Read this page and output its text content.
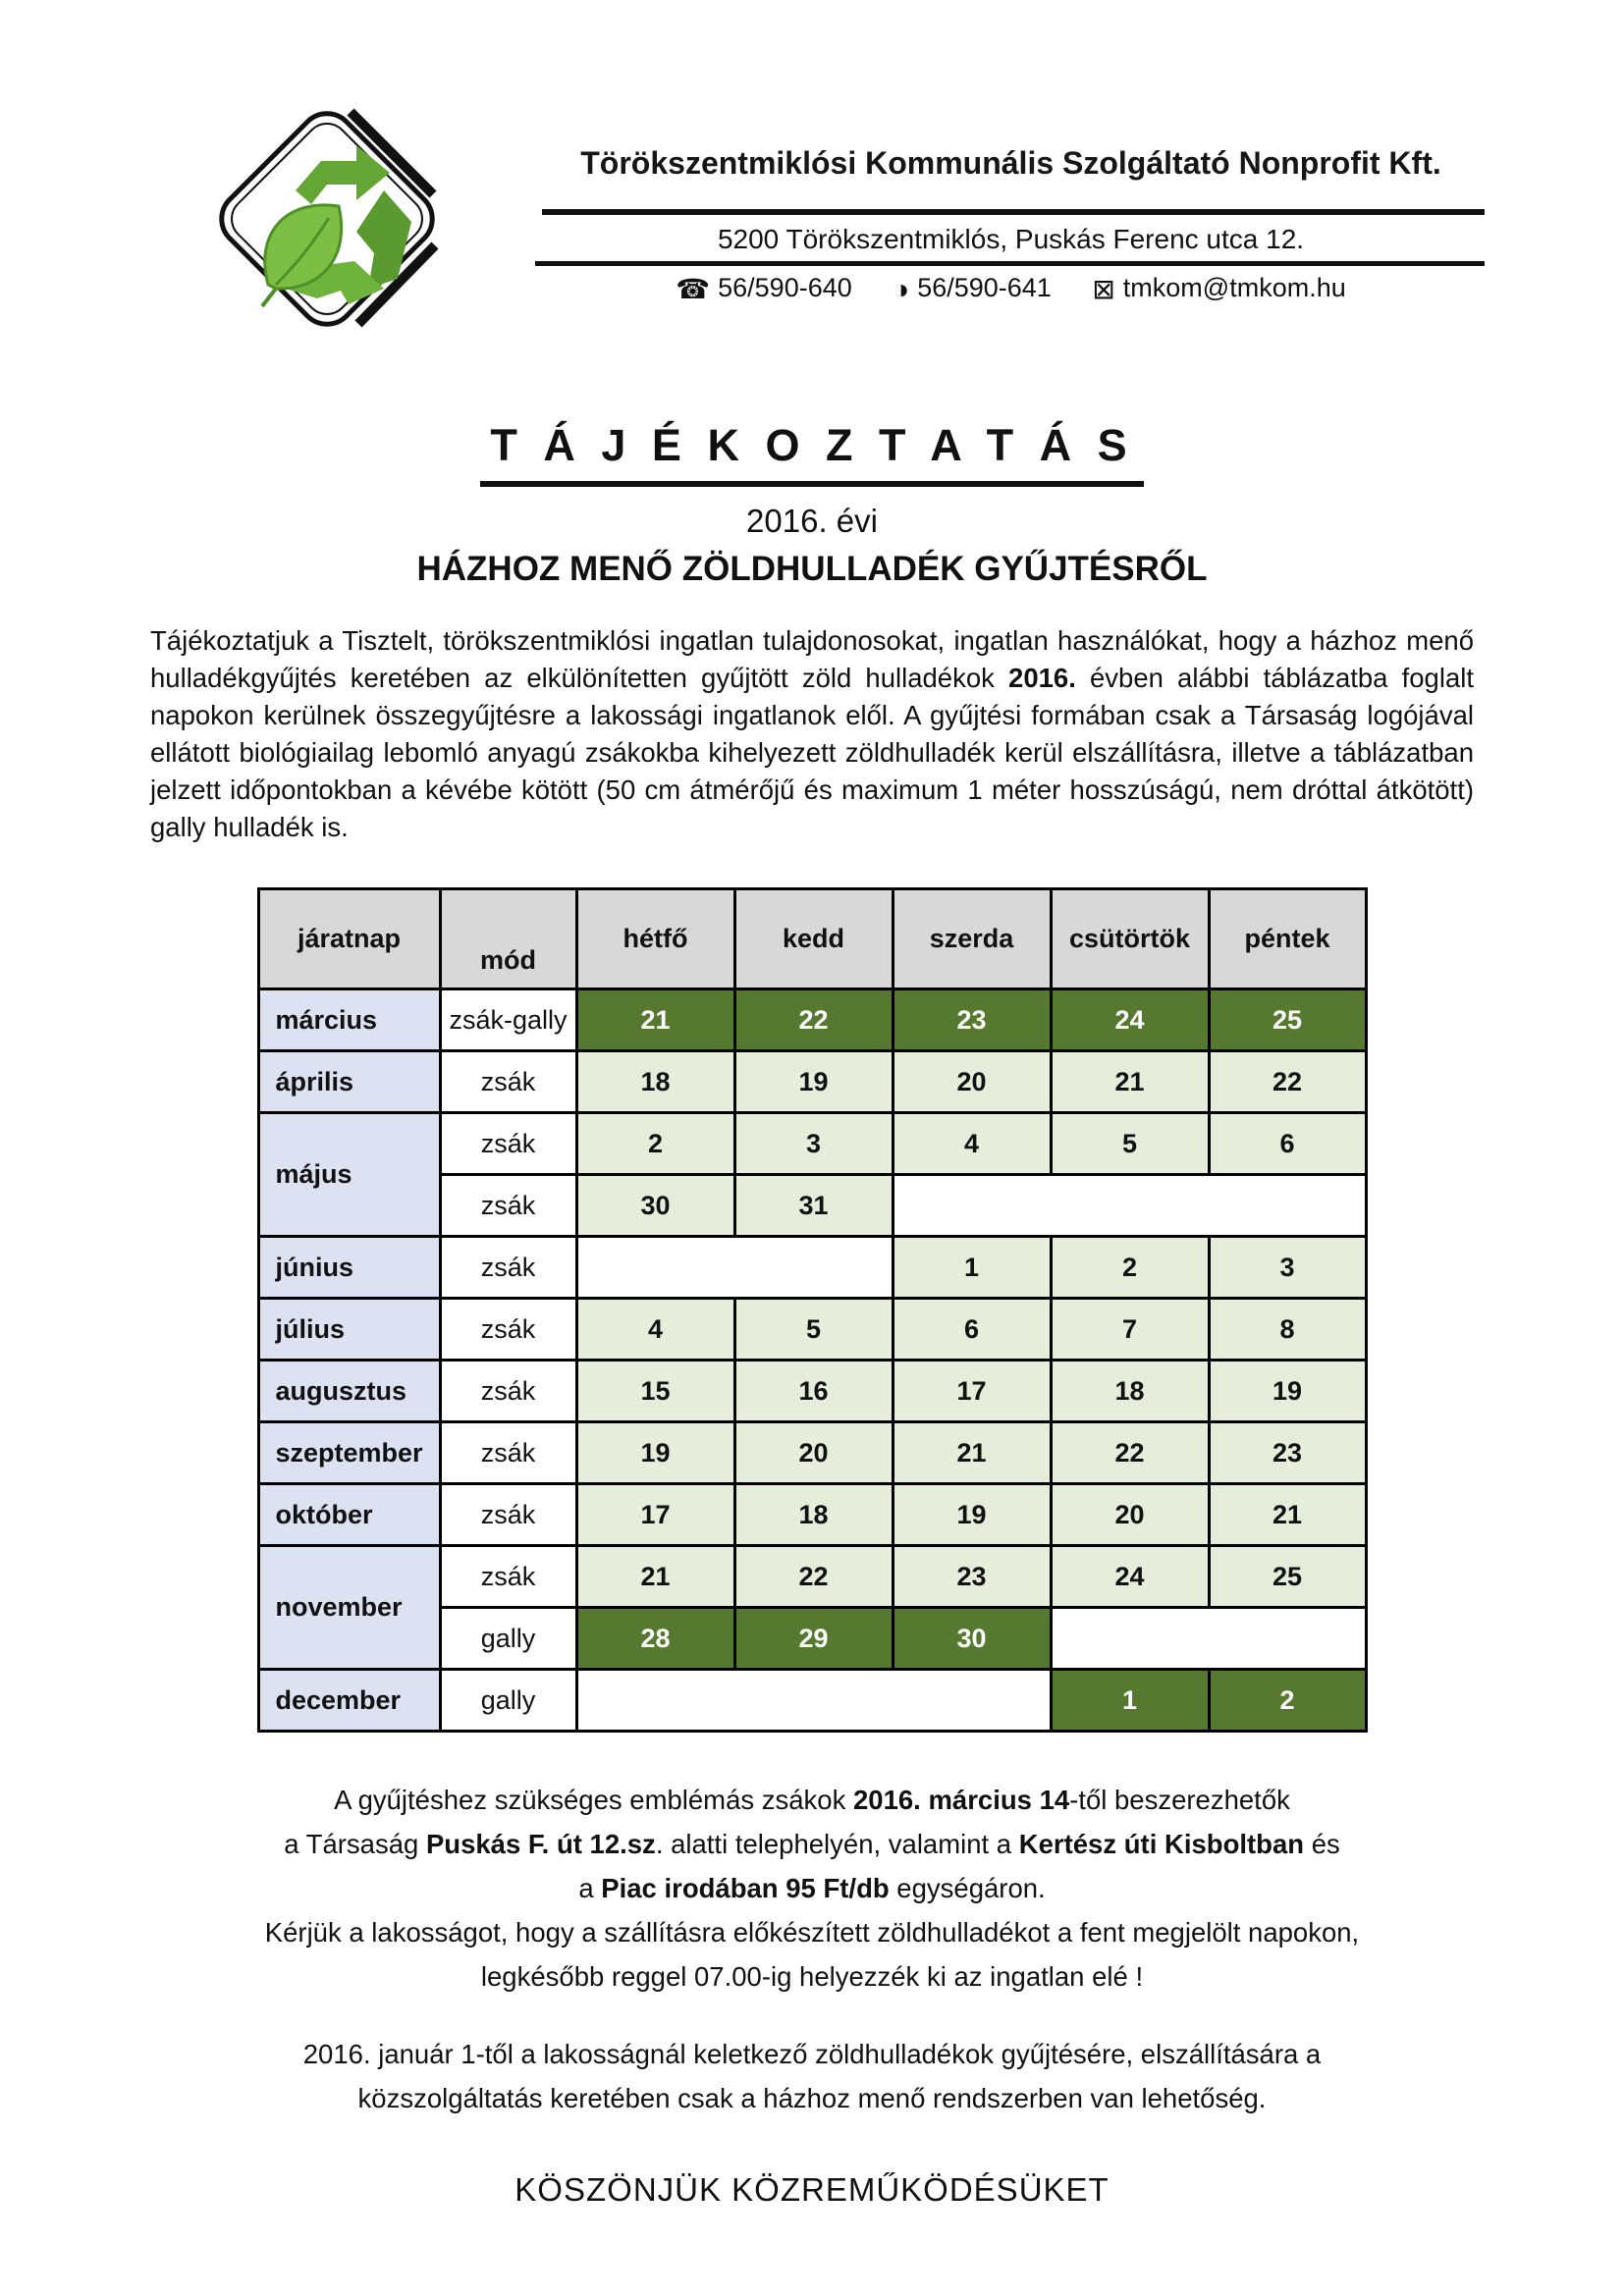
Törökszentmiklósi Kommunális Szolgáltató Nonprofit Kft.
5200 Törökszentmiklós, Puskás Ferenc utca 12.
☎ 56/590-640 ◑ 56/590-641 ⊠ tmkom@tmkom.hu
T Á J É K O Z T A T Á S
2016. évi
HÁZHOZ MENŐ ZÖLDHULLADÉK GYŰJTÉSRŐL

Tájékoztatjuk a Tisztelt, törökszentmiklósi ingatlan tulajdonosokat, ingatlan használókat, hogy a házhoz menő hulladékgyűjtés keretében az elkülönítetten gyűjtött zöld hulladékok 2016. évben alábbi táblázatba foglalt napokon kerülnek összegyűjtésre a lakossági ingatlanok elől. A gyűjtési formában csak a Társaság logójával ellátott biológiailag lebomló anyagú zsákokba kihelyezett zöldhulladék kerül elszállításra, illetve a táblázatban jelzett időpontokban a kévébe kötött (50 cm átmérőjű és maximum 1 méter hosszúságú, nem dróttal átkötött) gally hulladék is.

járatnap	mód	hétfő	kedd	szerda	csütörtök	péntek
március	zsák-gally	21	22	23	24	25
április	zsák	18	19	20	21	22
május	zsák	2	3	4	5	6
	zsák	30	31			
június	zsák			1	2	3
július	zsák	4	5	6	7	8
augusztus	zsák	15	16	17	18	19
szeptember	zsák	19	20	21	22	23
október	zsák	17	18	19	20	21
november	zsák	21	22	23	24	25
	gally	28	29	30		
december	gally				1	2
A gyűjtéshez szükséges emblémás zsákok 2016. március 14-től beszerezhetők
a Társaság Puskás F. út 12.sz. alatti telephelyén, valamint a Kertész úti Kisboltban és
a Piac irodában 95 Ft/db egységáron.
Kérjük a lakosságot, hogy a szállításra előkészített zöldhulladékot a fent megjelölt napokon,
legkésőbb reggel 07.00-ig helyezzék ki az ingatlan elé !
2016. január 1-től a lakosságnál keletkező zöldhulladékok gyűjtésére, elszállítására a
közszolgáltatás keretében csak a házhoz menő rendszerben van lehetőség.
KÖSZÖNJÜK KÖZREMŰKÖDÉSÜKET
